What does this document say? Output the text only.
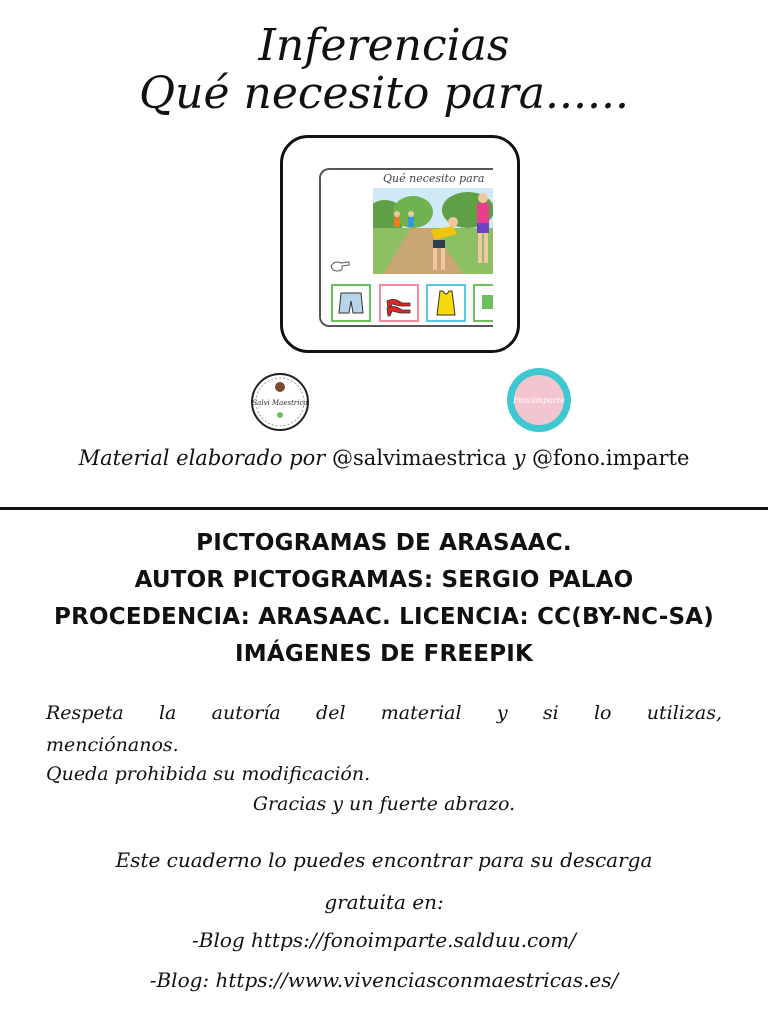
Inferencias
Qué necesito para......
Qué necesito para
Salvi Maestrica	Fonoimparte
Material elaborado por @salvimaestrica y @fono.imparte
PICTOGRAMAS DE ARASAAC.
AUTOR PICTOGRAMAS: SERGIO PALAO
PROCEDENCIA: ARASAAC. LICENCIA: CC(BY-NC-SA)
IMÁGENES DE FREEPIK
Respeta la autoría del material y si lo utilizas,
menciónanos.
Queda prohibida su modificación.
Gracias y un fuerte abrazo.
Este cuaderno lo puedes encontrar para su descarga
gratuita en:
-Blog https://fonoimparte.salduu.com/
-Blog: https://www.vivenciasconmaestricas.es/
